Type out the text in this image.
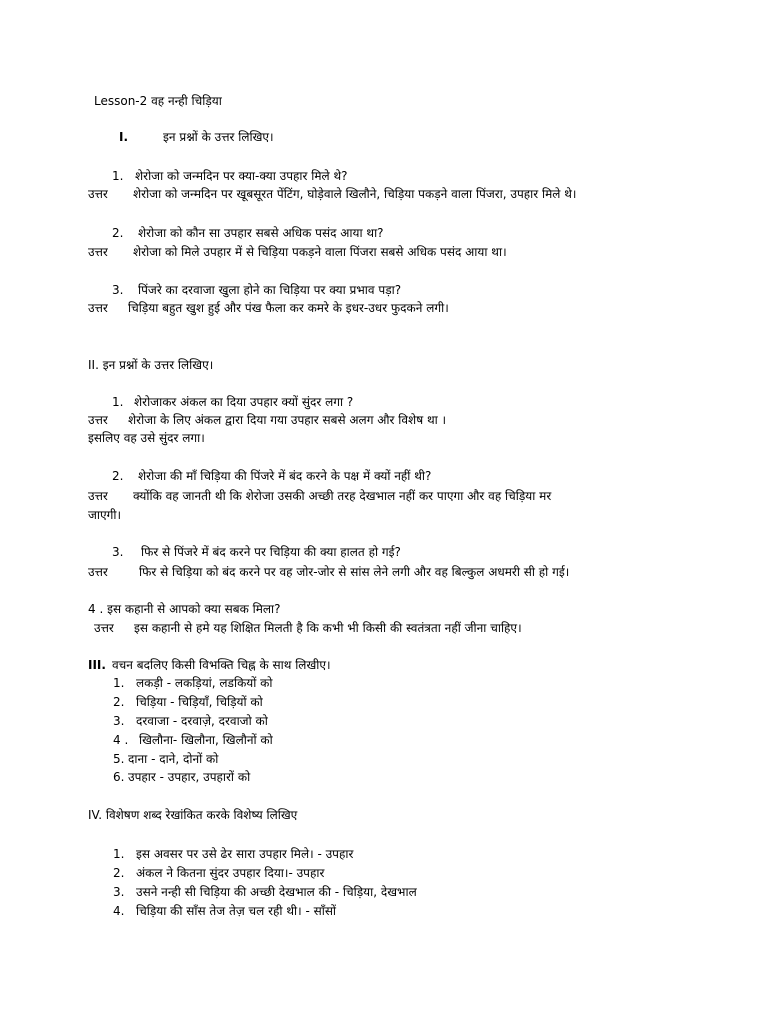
Lesson-2 वह नन्ही चिड़िया
I.	इन प्रश्नों के उत्तर लिखिए।
1. शेरोजा को जन्मदिन पर क्या-क्या उपहार मिले थे?
उत्तर शेरोजा को जन्मदिन पर खूबसूरत पेंटिंग, घोड़ेवाले खिलौने, चिड़िया पकड़ने वाला पिंजरा, उपहार मिले थे।
2. शेरोजा को कौन सा उपहार सबसे अधिक पसंद आया था?
उत्तर शेरोजा को मिले उपहार में से चिड़िया पकड़ने वाला पिंजरा सबसे अधिक पसंद आया था।
3. पिंजरे का दरवाजा खुला होने का चिड़िया पर क्या प्रभाव पड़ा?
उत्तर चिड़िया बहुत खुश हुई और पंख फैला कर कमरे के इधर-उधर फुदकने लगी।
II. इन प्रश्नों के उत्तर लिखिए।
1. शेरोजाकर अंकल का दिया उपहार क्यों सुंदर लगा ?
उत्तर शेरोजा के लिए अंकल द्वारा दिया गया उपहार सबसे अलग और विशेष था ।
इसलिए वह उसे सुंदर लगा।
2. शेरोजा की माँ चिड़िया की पिंजरे में बंद करने के पक्ष में क्यों नहीं थी?
उत्तर क्योंकि वह जानती थी कि शेरोजा उसकी अच्छी तरह देखभाल नहीं कर पाएगा और वह चिड़िया मर
जाएगी।
3. फिर से पिंजरे में बंद करने पर चिड़िया की क्या हालत हो गई?
उत्तर	फिर से चिड़िया को बंद करने पर वह जोर-जोर से सांस लेने लगी और वह बिल्कुल अधमरी सी हो गई।
4 . इस कहानी से आपको क्या सबक मिला?
उत्तर इस कहानी से हमे यह शिक्षित मिलती है कि कभी भी किसी की स्वतंत्रता नहीं जीना चाहिए।
III. वचन बदलिए किसी विभक्ति चिह्न के साथ लिखीए।
1. लकड़ी - लकड़ियां, लडकियों को
2. चिड़िया - चिड़ियाँ, चिड़ियों को
3. दरवाजा - दरवाज़े, दरवाजो को
4 . खिलौना- खिलौना, खिलौनों को
5. दाना - दाने, दोनों को
6. उपहार - उपहार, उपहारों को
IV. विशेषण शब्द रेखांकित करके विशेष्य लिखिए
1. इस अवसर पर उसे ढेर सारा उपहार मिले। - उपहार
2. अंकल ने कितना सुंदर उपहार दिया।- उपहार
3. उसने नन्ही सी चिड़िया की अच्छी देखभाल की - चिड़िया, देखभाल
4. चिड़िया की साँस तेज तेज़ चल रही थी। - साँसों
